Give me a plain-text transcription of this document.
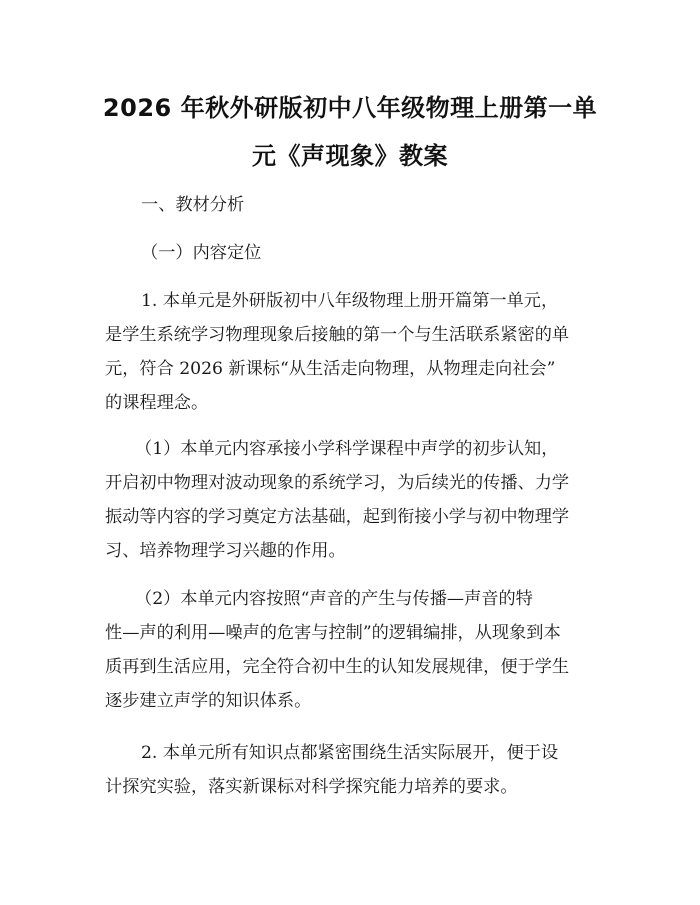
2026 年秋外研版初中八年级物理上册第一单
元《声现象》教案
一、教材分析
（一）内容定位
1. 本单元是外研版初中八年级物理上册开篇第一单元，
是学生系统学习物理现象后接触的第一个与生活联系紧密的单
元，符合 2026 新课标“从生活走向物理，从物理走向社会”
的课程理念。
（1）本单元内容承接小学科学课程中声学的初步认知，
开启初中物理对波动现象的系统学习，为后续光的传播、力学
振动等内容的学习奠定方法基础，起到衔接小学与初中物理学
习、培养物理学习兴趣的作用。
（2）本单元内容按照“声音的产生与传播—声音的特
性—声的利用—噪声的危害与控制”的逻辑编排，从现象到本
质再到生活应用，完全符合初中生的认知发展规律，便于学生
逐步建立声学的知识体系。
2. 本单元所有知识点都紧密围绕生活实际展开，便于设
计探究实验，落实新课标对科学探究能力培养的要求。
